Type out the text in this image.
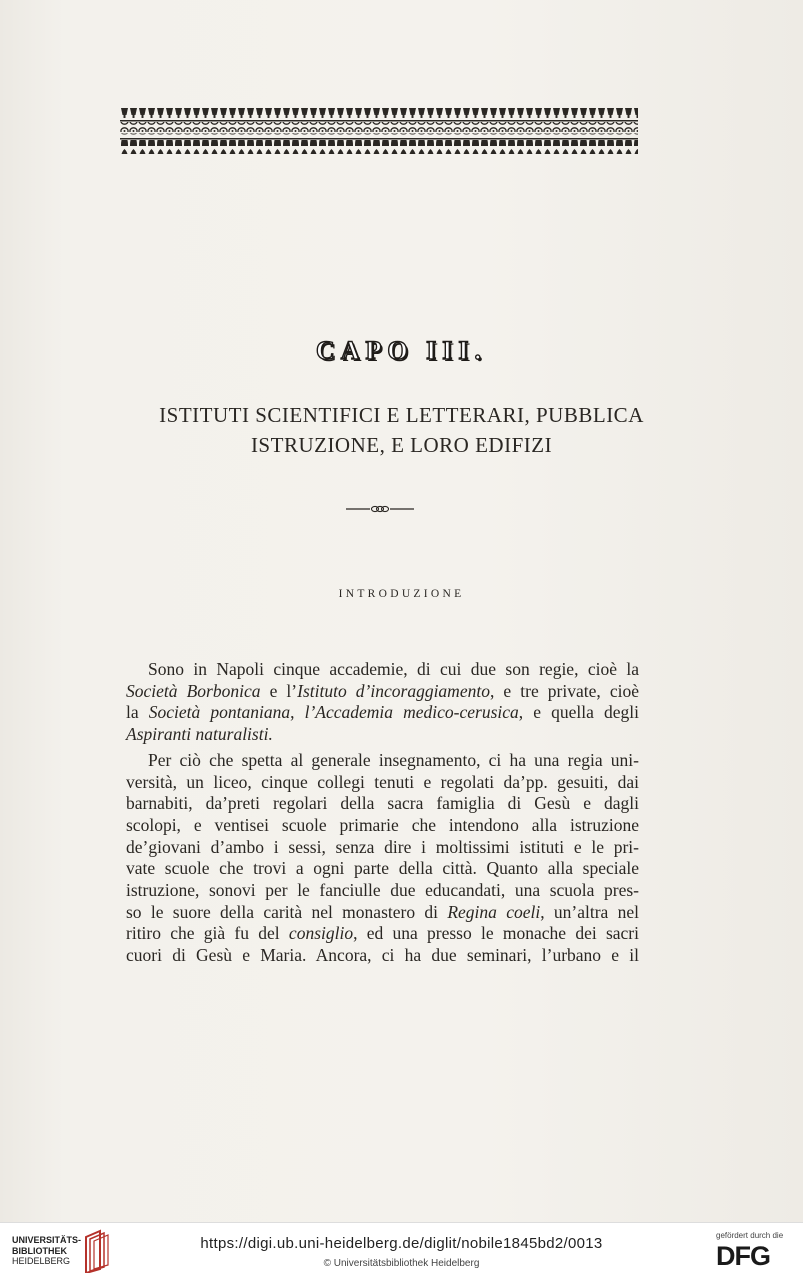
CAPO III.
ISTITUTI SCIENTIFICI E LETTERARI, PUBBLICA
ISTRUZIONE, E LORO EDIFIZI
INTRODUZIONE
Sono in Napoli cinque accademie, di cui due son regie, cioè la
Società Borbonica e l’Istituto d’incoraggiamento, e tre private, cioè
la Società pontaniana, l’Accademia medico-cerusica, e quella degli
Aspiranti naturalisti.
Per ciò che spetta al generale insegnamento, ci ha una regia uni-
versità, un liceo, cinque collegi tenuti e regolati da’pp. gesuiti, dai
barnabiti, da’preti regolari della sacra famiglia di Gesù e dagli
scolopi, e ventisei scuole primarie che intendono alla istruzione
de’giovani d’ambo i sessi, senza dire i moltissimi istituti e le pri-
vate scuole che trovi a ogni parte della città. Quanto alla speciale
istruzione, sonovi per le fanciulle due educandati, una scuola pres-
so le suore della carità nel monastero di Regina coeli, un’altra nel
ritiro che già fu del consiglio, ed una presso le monache dei sacri
cuori di Gesù e Maria. Ancora, ci ha due seminari, l’urbano e il
UNIVERSITÄTS-
BIBLIOTHEK
HEIDELBERG
https://digi.ub.uni-heidelberg.de/diglit/nobile1845bd2/0013
© Universitätsbibliothek Heidelberg
gefördert durch die
DFG
